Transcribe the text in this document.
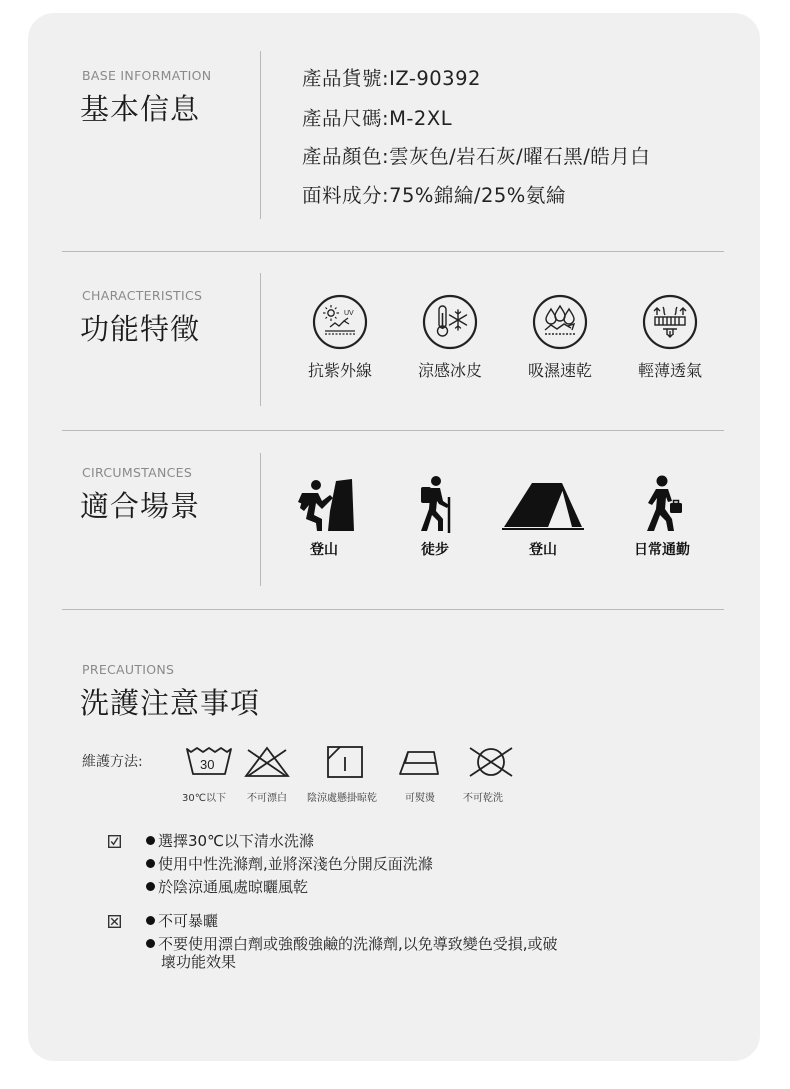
BASE INFORMATION
基本信息
產品貨號:IZ-90392
產品尺碼:M-2XL
產品顏色:雲灰色/岩石灰/曜石黑/皓月白
面料成分:75%錦綸/25%氨綸
CHARACTERISTICS
功能特徵	UV
抗紫外線	涼感冰皮	吸濕速乾	輕薄透氣
CIRCUMSTANCES
適合場景
登山	徒步	登山	日常通勤
PRECAUTIONS
洗護注意事項
維護方法:	30
30℃以下 不可漂白 陰涼處懸掛晾乾	可熨燙	不可乾洗
選擇30℃以下清水洗滌
使用中性洗滌劑,並將深淺色分開反面洗滌
於陰涼通風處晾曬風乾
不可暴曬
不要使用漂白劑或強酸強鹼的洗滌劑,以免導致變色受損,或破
壞功能效果
